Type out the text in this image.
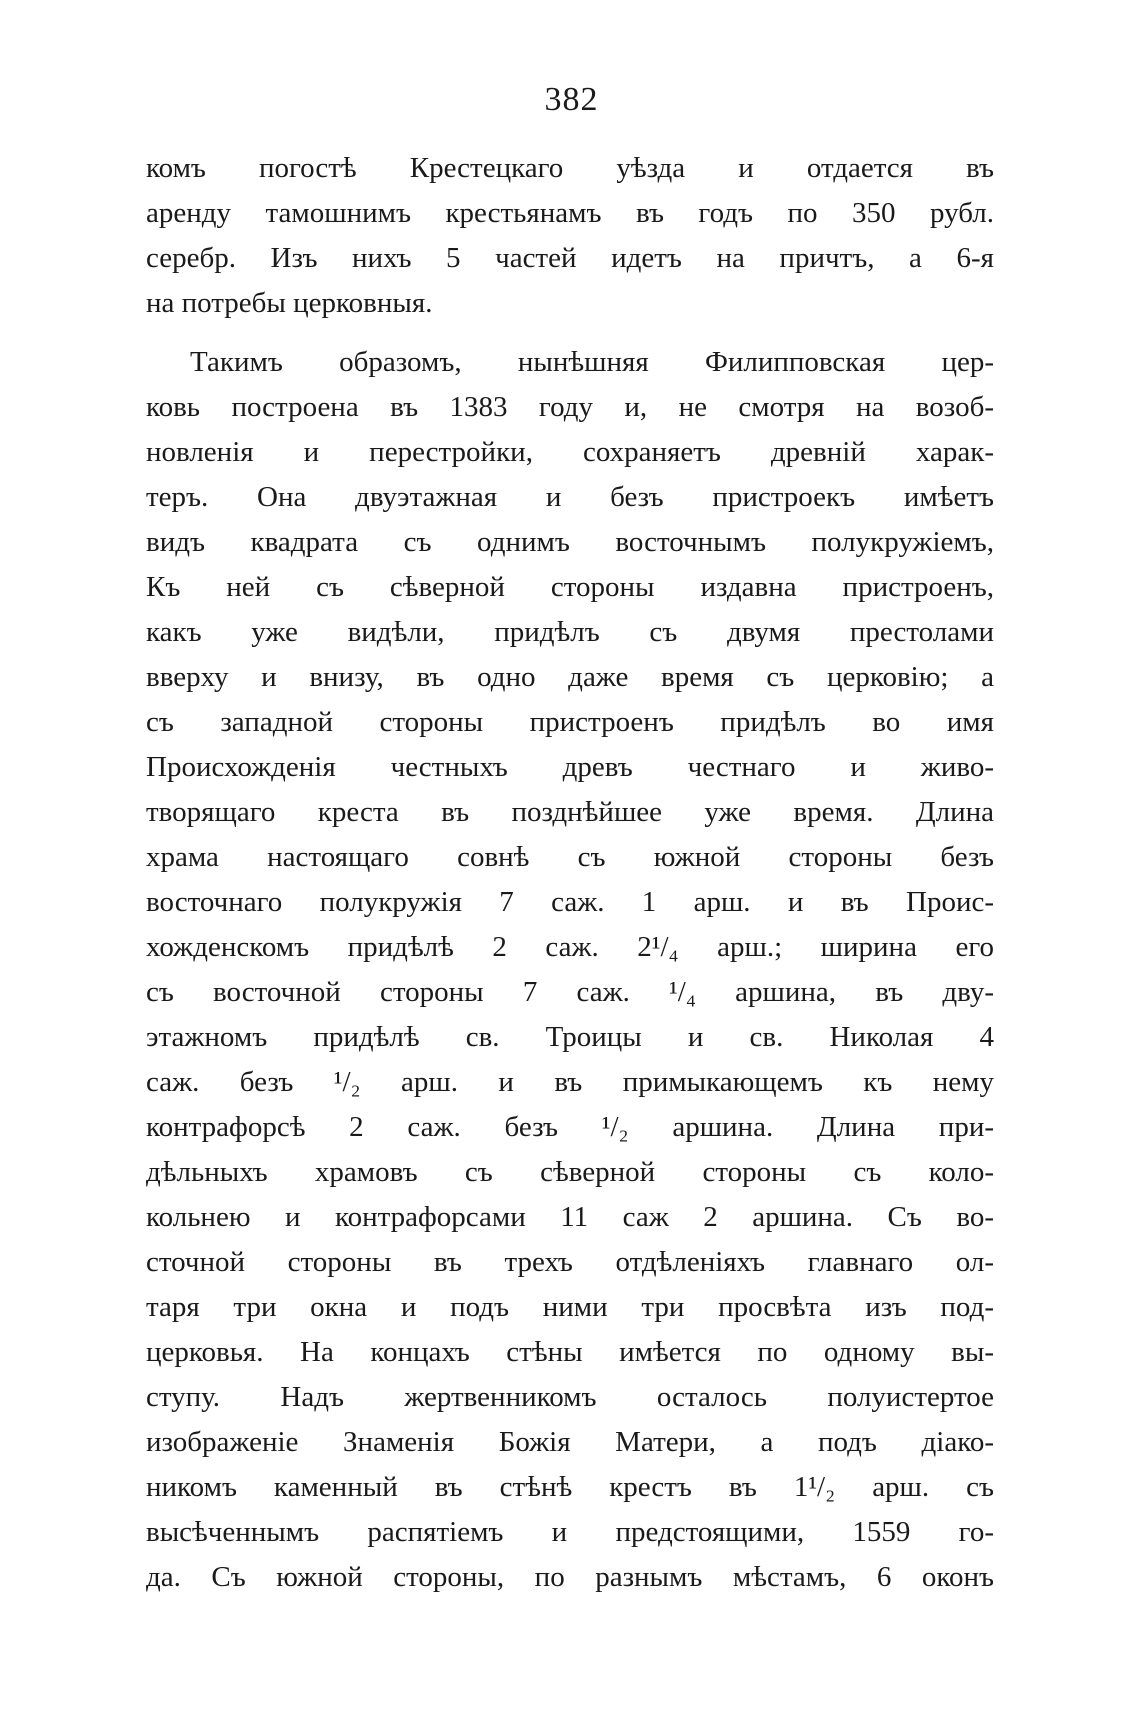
382
комъ погостѣ Крестецкаго уѣзда и отдается въ
аренду тамошнимъ крестьянамъ въ годъ по 350 рубл.
серебр. Изъ нихъ 5 частей идетъ на причтъ, а 6-я
на потребы церковныя.
Такимъ образомъ, нынѣшняя Филипповская цер-
ковь построена въ 1383 году и, не смотря на возоб-
новленія и перестройки, сохраняетъ древній харак-
теръ. Она двуэтажная и безъ пристроекъ имѣетъ
видъ квадрата съ однимъ восточнымъ полукружіемъ,
Къ ней съ сѣверной стороны издавна пристроенъ,
какъ уже видѣли, придѣлъ съ двумя престолами
вверху и внизу, въ одно даже время съ церковію; а
съ западной стороны пристроенъ придѣлъ во имя
Происхожденія честныхъ древъ честнаго и живо-
творящаго креста въ позднѣйшее уже время. Длина
храма настоящаго совнѣ съ южной стороны безъ
восточнаго полукружія 7 саж. 1 арш. и въ Проис-
хожденскомъ придѣлѣ 2 саж. 2¹/₄ арш.; ширина его
съ восточной стороны 7 саж. ¹/₄ аршина, въ дву-
этажномъ придѣлѣ св. Троицы и св. Николая 4
саж. безъ ¹/₂ арш. и въ примыкающемъ къ нему
контрафорсѣ 2 саж. безъ ¹/₂ аршина. Длина при-
дѣльныхъ храмовъ съ сѣверной стороны съ коло-
кольнею и контрафорсами 11 саж 2 аршина. Съ во-
сточной стороны въ трехъ отдѣленіяхъ главнаго ол-
таря три окна и подъ ними три просвѣта изъ под-
церковья. На концахъ стѣны имѣется по одному вы-
ступу. Надъ жертвенникомъ осталось полуистертое
изображеніе Знаменія Божія Матери, а подъ діако-
никомъ каменный въ стѣнѣ крестъ въ 1¹/₂ арш. съ
высѣченнымъ распятіемъ и предстоящими, 1559 го-
да. Съ южной стороны, по разнымъ мѣстамъ, 6 оконъ
